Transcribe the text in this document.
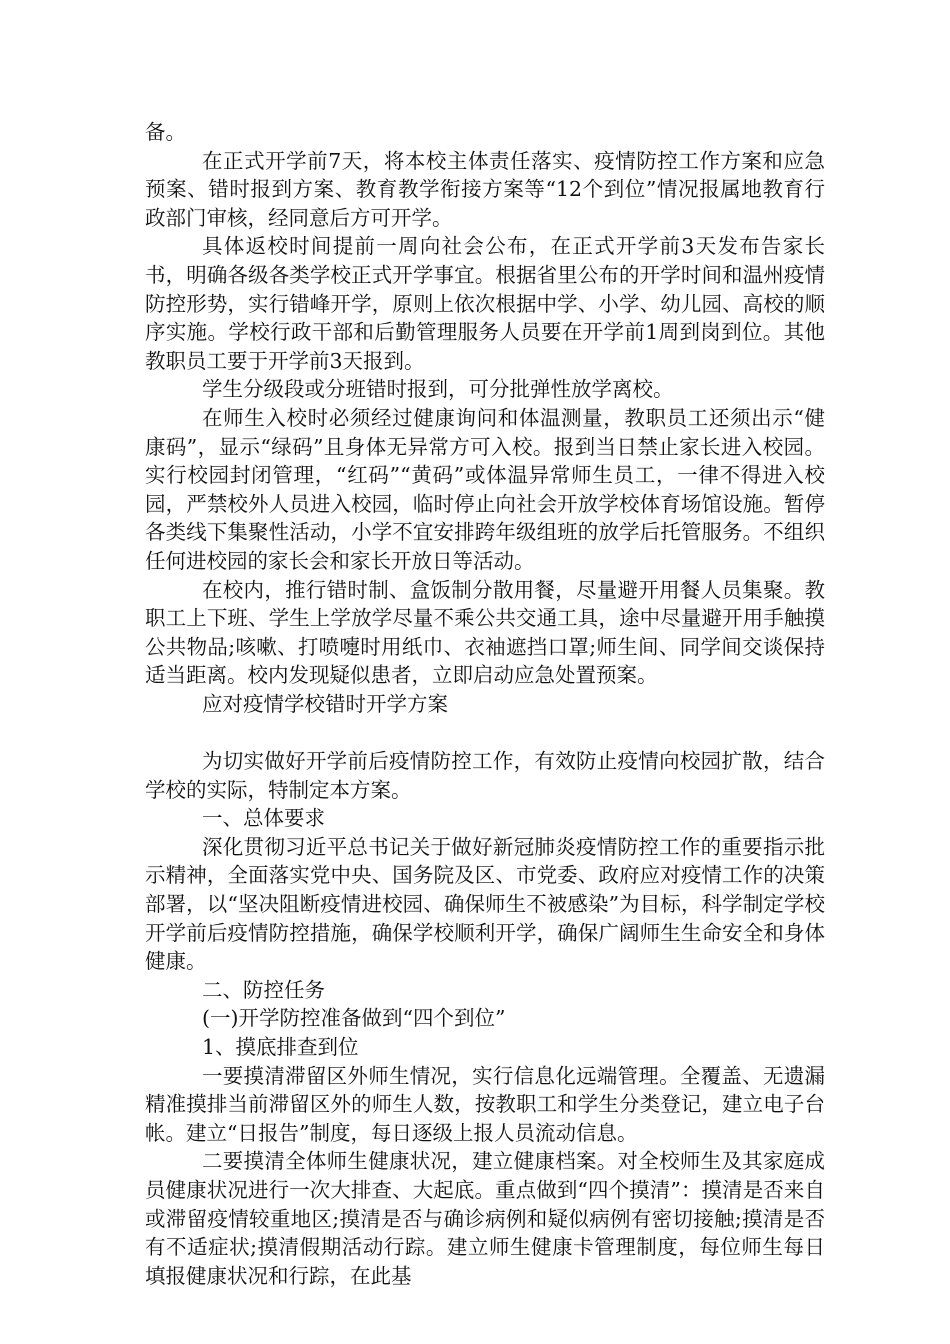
备。

在正式开学前7天，将本校主体责任落实、疫情防控工作方案和应急预案、错时报到方案、教育教学衔接方案等“12个到位”情况报属地教育行政部门审核，经同意后方可开学。

具体返校时间提前一周向社会公布，在正式开学前3天发布告家长书，明确各级各类学校正式开学事宜。根据省里公布的开学时间和温州疫情防控形势，实行错峰开学，原则上依次根据中学、小学、幼儿园、高校的顺序实施。学校行政干部和后勤管理服务人员要在开学前1周到岗到位。其他教职员工要于开学前3天报到。

学生分级段或分班错时报到，可分批弹性放学离校。

在师生入校时必须经过健康询问和体温测量，教职员工还须出示“健康码”，显示“绿码”且身体无异常方可入校。报到当日禁止家长进入校园。实行校园封闭管理，“红码”“黄码”或体温异常师生员工，一律不得进入校园，严禁校外人员进入校园，临时停止向社会开放学校体育场馆设施。暂停各类线下集聚性活动，小学不宜安排跨年级组班的放学后托管服务。不组织任何进校园的家长会和家长开放日等活动。

在校内，推行错时制、盒饭制分散用餐，尽量避开用餐人员集聚。教职工上下班、学生上学放学尽量不乘公共交通工具，途中尽量避开用手触摸公共物品;咳嗽、打喷嚏时用纸巾、衣袖遮挡口罩;师生间、同学间交谈保持适当距离。校内发现疑似患者，立即启动应急处置预案。

应对疫情学校错时开学方案

为切实做好开学前后疫情防控工作，有效防止疫情向校园扩散，结合学校的实际，特制定本方案。

一、总体要求

深化贯彻习近平总书记关于做好新冠肺炎疫情防控工作的重要指示批示精神，全面落实党中央、国务院及区、市党委、政府应对疫情工作的决策部署，以“坚决阻断疫情进校园、确保师生不被感染”为目标，科学制定学校开学前后疫情防控措施，确保学校顺利开学，确保广阔师生生命安全和身体健康。

二、防控任务

(一)开学防控准备做到“四个到位”

1、摸底排查到位

一要摸清滞留区外师生情况，实行信息化远端管理。全覆盖、无遗漏精准摸排当前滞留区外的师生人数，按教职工和学生分类登记，建立电子台帐。建立“日报告”制度，每日逐级上报人员流动信息。

二要摸清全体师生健康状况，建立健康档案。对全校师生及其家庭成员健康状况进行一次大排查、大起底。重点做到“四个摸清”：摸清是否来自或滞留疫情较重地区;摸清是否与确诊病例和疑似病例有密切接触;摸清是否有不适症状;摸清假期活动行踪。建立师生健康卡管理制度，每位师生每日填报健康状况和行踪，在此基
